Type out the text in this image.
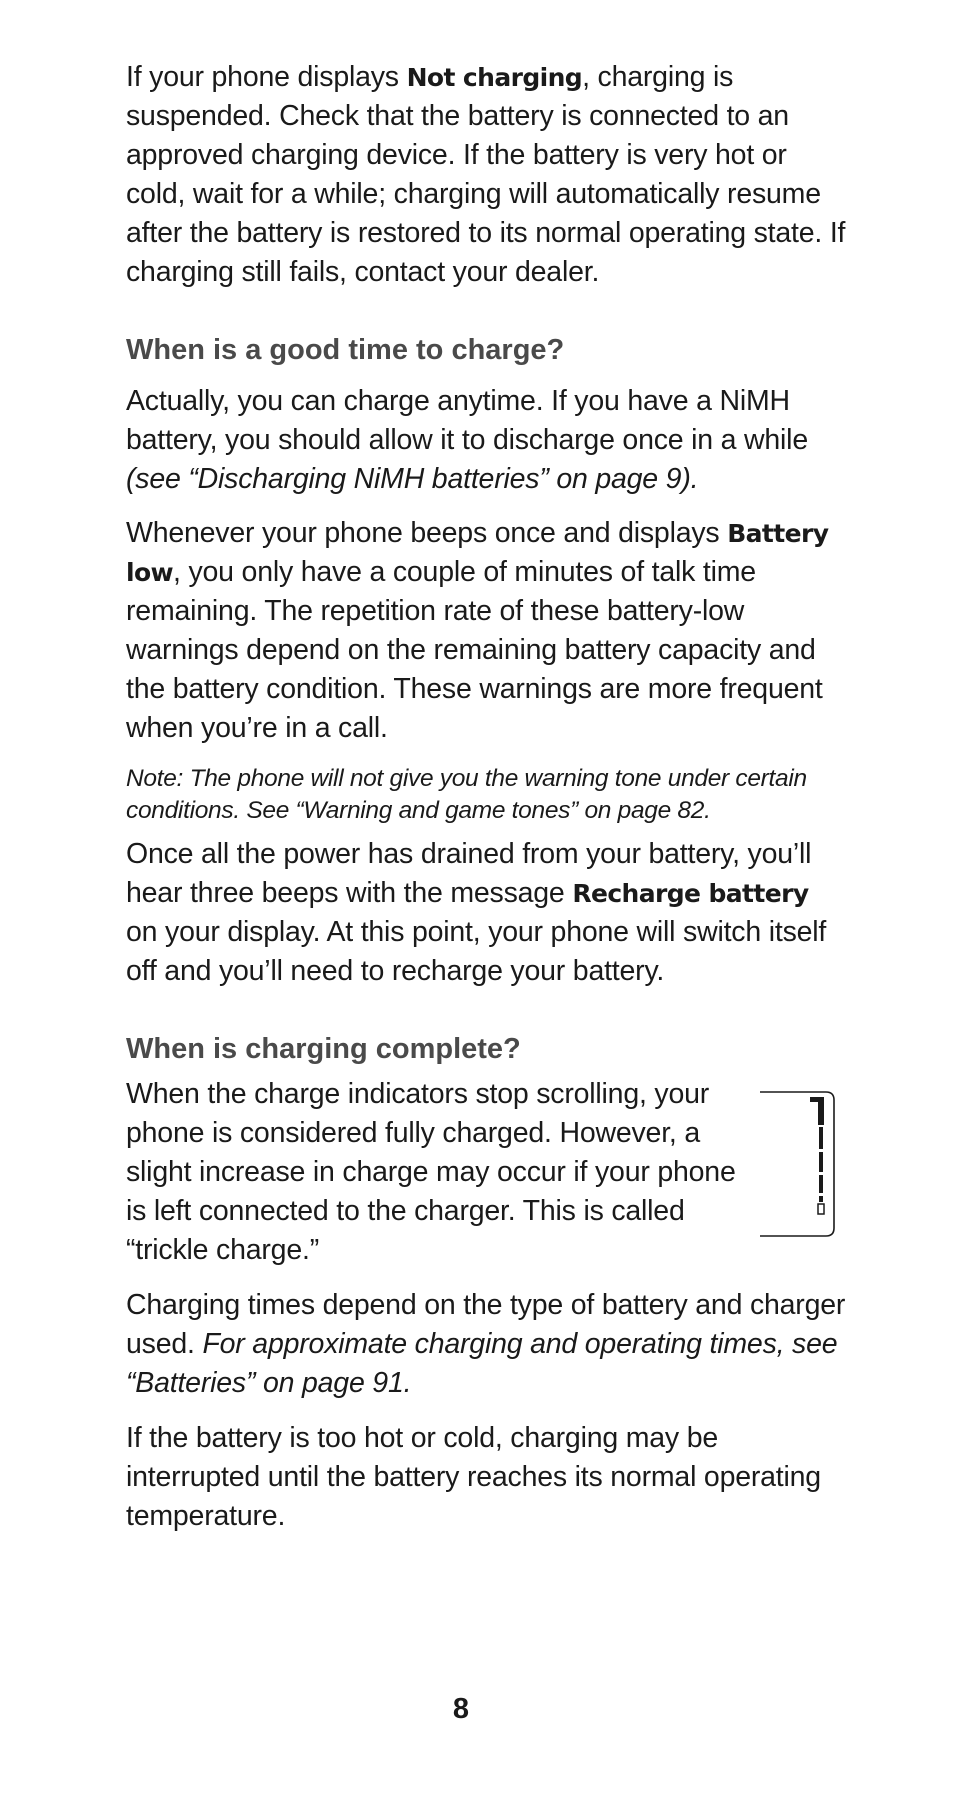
If your phone displays Not charging, charging is suspended. Check that the battery is connected to an approved charging device. If the battery is very hot or cold, wait for a while; charging will automatically resume after the battery is restored to its normal operating state. If charging still fails, contact your dealer.

When is a good time to charge?

Actually, you can charge anytime. If you have a NiMH battery, you should allow it to discharge once in a while (see “Discharging NiMH batteries” on page 9).

Whenever your phone beeps once and displays Battery low, you only have a couple of minutes of talk time remaining. The repetition rate of these battery-low warnings depend on the remaining battery capacity and the battery condition. These warnings are more frequent when you’re in a call.

Note: The phone will not give you the warning tone under certain conditions. See “Warning and game tones” on page 82.

Once all the power has drained from your battery, you’ll hear three beeps with the message Recharge battery on your display. At this point, your phone will switch itself off and you’ll need to recharge your battery.

When is charging complete?

When the charge indicators stop scrolling, your phone is considered fully charged. However, a slight increase in charge may occur if your phone is left connected to the charger. This is called “trickle charge.”

Charging times depend on the type of battery and charger used. For approximate charging and operating times, see “Batteries” on page 91.

If the battery is too hot or cold, charging may be interrupted until the battery reaches its normal operating temperature.

8
